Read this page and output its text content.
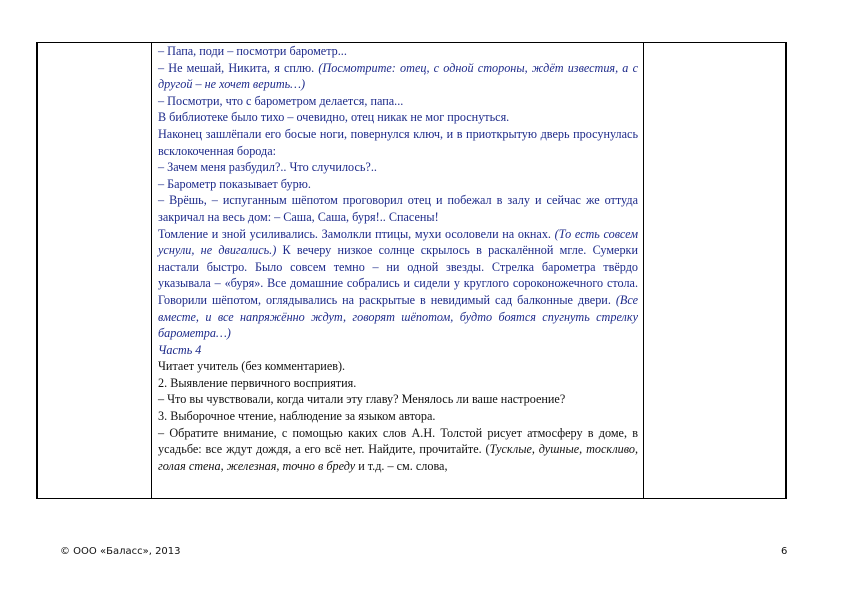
– Папа, поди – посмотри барометр...

– Не мешай, Никита, я сплю. (Посмотрите: отец, с одной стороны, ждёт известия, а с другой – не хочет верить…)

– Посмотри, что с барометром делается, папа...

В библиотеке было тихо – очевидно, отец никак не мог проснуться.

Наконец зашлёпали его босые ноги, повернулся ключ, и в приоткрытую дверь просунулась всклокоченная борода:

– Зачем меня разбудил?.. Что случилось?..

– Барометр показывает бурю.

– Врёшь, – испуганным шёпотом проговорил отец и побежал в залу и сейчас же оттуда закричал на весь дом: – Саша, Саша, буря!.. Спасены!

Томление и зной усиливались. Замолкли птицы, мухи осоловели на окнах. (То есть совсем уснули, не двигались.) К вечеру низкое солнце скрылось в раскалённой мгле. Сумерки настали быстро. Было совсем темно – ни одной звезды. Стрелка барометра твёрдо указывала – «буря». Все домашние собрались и сидели у круглого сороконожечного стола. Говорили шёпотом, оглядывались на раскрытые в невидимый сад балконные двери. (Все вместе, и все напряжённо ждут, говорят шёпотом, будто боятся спугнуть стрелку барометра…)

Часть 4

Читает учитель (без комментариев).

2. Выявление первичного восприятия.

– Что вы чувствовали, когда читали эту главу? Менялось ли ваше настроение?

3. Выборочное чтение, наблюдение за языком автора.

– Обратите внимание, с помощью каких слов А.Н. Толстой рисует атмосферу в доме, в усадьбе: все ждут дождя, а его всё нет. Найдите, прочитайте. (Тусклые, душные, тоскливо, голая стена, железная, точно в бреду и т.д. – см. слова,

© ООО «Баласс», 2013	6
